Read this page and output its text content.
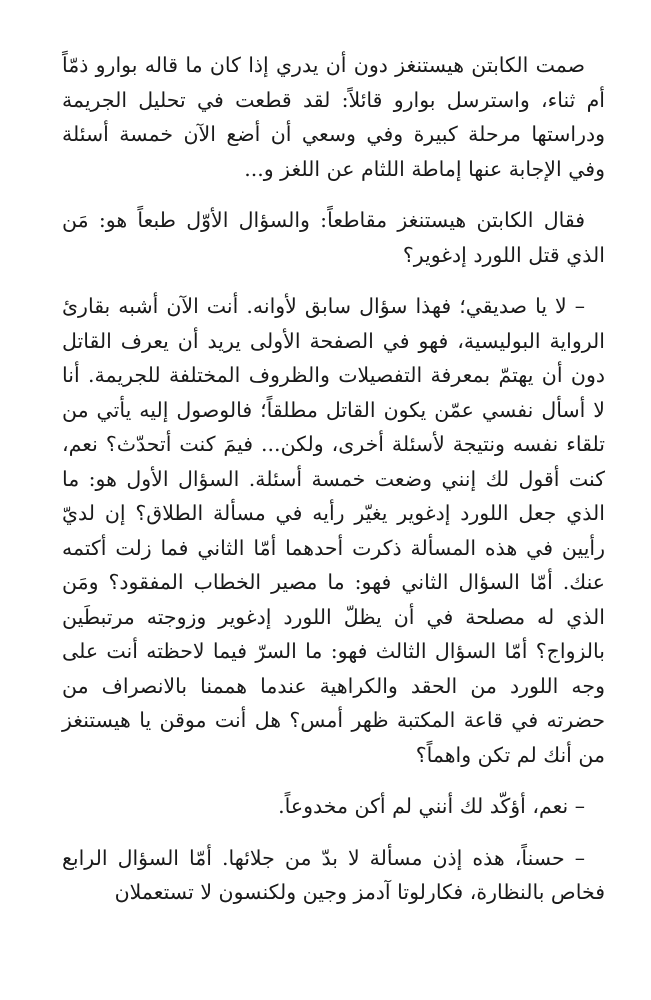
صمت الكابتن هيستنغز دون أن يدري إذا كان ما قاله بوارو ذمّاً أم ثناء، واسترسل بوارو قائلاً: لقد قطعت في تحليل الجريمة ودراستها مرحلة كبيرة وفي وسعي أن أضع الآن خمسة أسئلة وفي الإجابة عنها إماطة اللثام عن اللغز و...

فقال الكابتن هيستنغز مقاطعاً: والسؤال الأوّل طبعاً هو: مَن الذي قتل اللورد إدغوير؟

– لا يا صديقي؛ فهذا سؤال سابق لأوانه. أنت الآن أشبه بقارئ الرواية البوليسية، فهو في الصفحة الأولى يريد أن يعرف القاتل دون أن يهتمّ بمعرفة التفصيلات والظروف المختلفة للجريمة. أنا لا أسأل نفسي عمّن يكون القاتل مطلقاً؛ فالوصول إليه يأتي من تلقاء نفسه ونتيجة لأسئلة أخرى، ولكن... فيمَ كنت أتحدّث؟ نعم، كنت أقول لك إنني وضعت خمسة أسئلة. السؤال الأول هو: ما الذي جعل اللورد إدغوير يغيّر رأيه في مسألة الطلاق؟ إن لديّ رأيين في هذه المسألة ذكرت أحدهما أمّا الثاني فما زلت أكتمه عنك. أمّا السؤال الثاني فهو: ما مصير الخطاب المفقود؟ ومَن الذي له مصلحة في أن يظلّ اللورد إدغوير وزوجته مرتبطَين بالزواج؟ أمّا السؤال الثالث فهو: ما السرّ فيما لاحظته أنت على وجه اللورد من الحقد والكراهية عندما هممنا بالانصراف من حضرته في قاعة المكتبة ظهر أمس؟ هل أنت موقن يا هيستنغز من أنك لم تكن واهماً؟

– نعم، أؤكّد لك أنني لم أكن مخدوعاً.

– حسناً، هذه إذن مسألة لا بدّ من جلائها. أمّا السؤال الرابع فخاص بالنظارة، فكارلوتا آدمز وجين ولكنسون لا تستعملان
